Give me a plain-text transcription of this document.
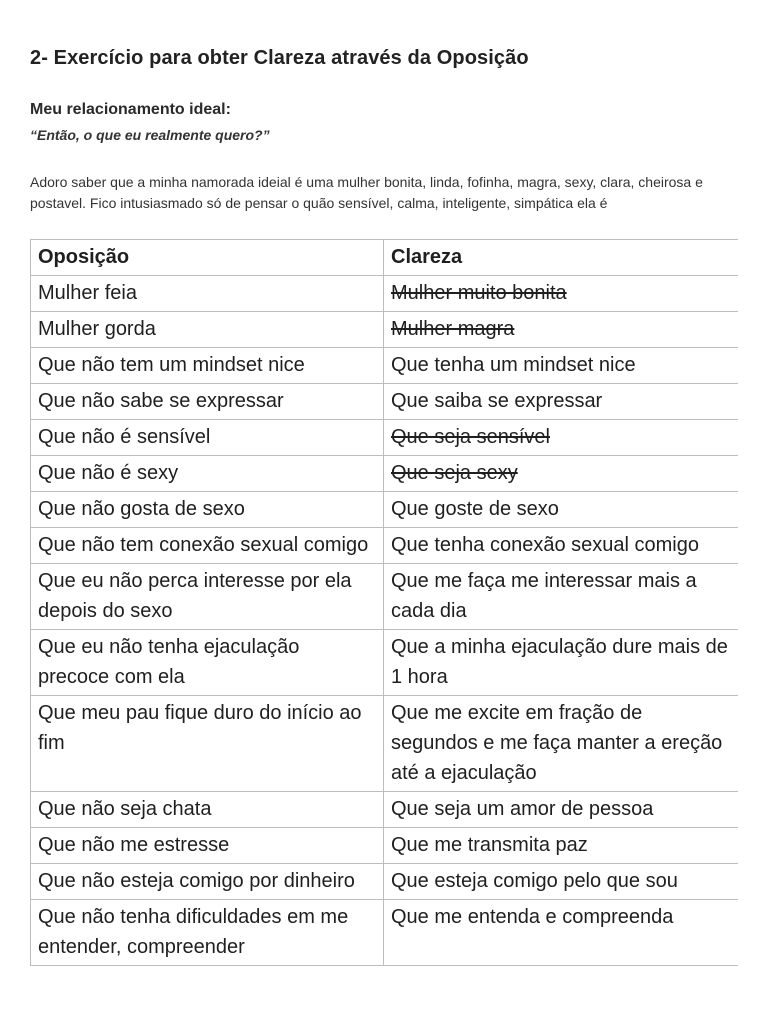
2- Exercício para obter Clareza através da Oposição
Meu relacionamento ideal:

“Então, o que eu realmente quero?”

Adoro saber que a minha namorada ideial é uma mulher bonita, linda, fofinha, magra, sexy, clara, cheirosa e postavel. Fico intusiasmado só de pensar o quão sensível, calma, inteligente, simpática ela é

Oposição	Clareza
Mulher feia	Mulher muito bonita
Mulher gorda	Mulher magra
Que não tem um mindset nice	Que tenha um mindset nice
Que não sabe se expressar	Que saiba se expressar
Que não é sensível	Que seja sensível
Que não é sexy	Que seja sexy
Que não gosta de sexo	Que goste de sexo
Que não tem conexão sexual comigo	Que tenha conexão sexual comigo
Que eu não perca interesse por ela depois do sexo	Que me faça me interessar mais a cada dia
Que eu não tenha ejaculação precoce com ela	Que a minha ejaculação dure mais de 1 hora
Que meu pau fique duro do início ao fim	Que me excite em fração de segundos e me faça manter a ereção até a ejaculação
Que não seja chata	Que seja um amor de pessoa
Que não me estresse	Que me transmita paz
Que não esteja comigo por dinheiro	Que esteja comigo pelo que sou
Que não tenha dificuldades em me entender, compreender	Que me entenda e compreenda
